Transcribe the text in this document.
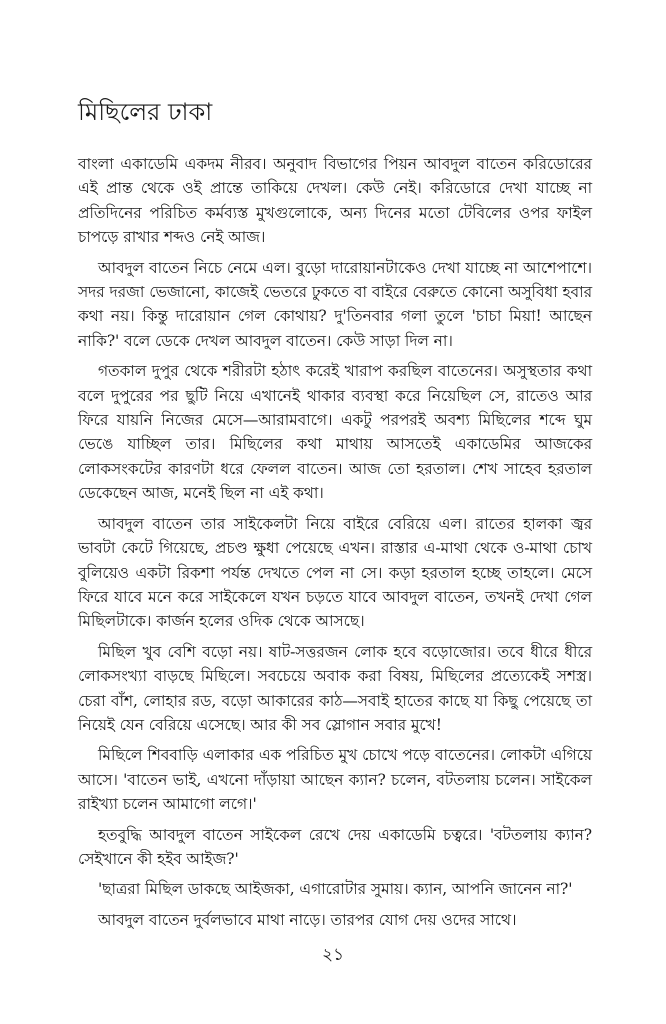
মিছিলের ঢাকা

বাংলা একাডেমি একদম নীরব। অনুবাদ বিভাগের পিয়ন আবদুল বাতেন করিডোরের এই প্রান্ত থেকে ওই প্রান্তে তাকিয়ে দেখল। কেউ নেই। করিডোরে দেখা যাচ্ছে না প্রতিদিনের পরিচিত কর্মব্যস্ত মুখগুলোকে, অন্য দিনের মতো টেবিলের ওপর ফাইল চাপড়ে রাখার শব্দও নেই আজ।

আবদুল বাতেন নিচে নেমে এল। বুড়ো দারোয়ানটাকেও দেখা যাচ্ছে না আশেপাশে। সদর দরজা ভেজানো, কাজেই ভেতরে ঢুকতে বা বাইরে বেরুতে কোনো অসুবিধা হবার কথা নয়। কিন্তু দারোয়ান গেল কোথায়? দু'তিনবার গলা তুলে 'চাচা মিয়া! আছেন নাকি?' বলে ডেকে দেখল আবদুল বাতেন। কেউ সাড়া দিল না।

গতকাল দুপুর থেকে শরীরটা হঠাৎ করেই খারাপ করছিল বাতেনের। অসুস্থতার কথা বলে দুপুরের পর ছুটি নিয়ে এখানেই থাকার ব্যবস্থা করে নিয়েছিল সে, রাতেও আর ফিরে যায়নি নিজের মেসে—আরামবাগে। একটু পরপরই অবশ্য মিছিলের শব্দে ঘুম ভেঙে যাচ্ছিল তার। মিছিলের কথা মাথায় আসতেই একাডেমির আজকের লোকসংকটের কারণটা ধরে ফেলল বাতেন। আজ তো হরতাল। শেখ সাহেব হরতাল ডেকেছেন আজ, মনেই ছিল না এই কথা।

আবদুল বাতেন তার সাইকেলটা নিয়ে বাইরে বেরিয়ে এল। রাতের হালকা জ্বর ভাবটা কেটে গিয়েছে, প্রচণ্ড ক্ষুধা পেয়েছে এখন। রাস্তার এ-মাথা থেকে ও-মাথা চোখ বুলিয়েও একটা রিকশা পর্যন্ত দেখতে পেল না সে। কড়া হরতাল হচ্ছে তাহলে। মেসে ফিরে যাবে মনে করে সাইকেলে যখন চড়তে যাবে আবদুল বাতেন, তখনই দেখা গেল মিছিলটাকে। কার্জন হলের ওদিক থেকে আসছে।

মিছিল খুব বেশি বড়ো নয়। ষাট-সত্তরজন লোক হবে বড়োজোর। তবে ধীরে ধীরে লোকসংখ্যা বাড়ছে মিছিলে। সবচেয়ে অবাক করা বিষয়, মিছিলের প্রত্যেকেই সশস্ত্র। চেরা বাঁশ, লোহার রড, বড়ো আকারের কাঠ—সবাই হাতের কাছে যা কিছু পেয়েছে তা নিয়েই যেন বেরিয়ে এসেছে। আর কী সব স্লোগান সবার মুখে!

মিছিলে শিববাড়ি এলাকার এক পরিচিত মুখ চোখে পড়ে বাতেনের। লোকটা এগিয়ে আসে। 'বাতেন ভাই, এখনো দাঁড়ায়া আছেন ক্যান? চলেন, বটতলায় চলেন। সাইকেল রাইখ্যা চলেন আমাগো লগে।'

হতবুদ্ধি আবদুল বাতেন সাইকেল রেখে দেয় একাডেমি চত্বরে। 'বটতলায় ক্যান? সেইখানে কী হইব আইজ?'

'ছাত্ররা মিছিল ডাকছে আইজকা, এগারোটার সুমায়। ক্যান, আপনি জানেন না?'

আবদুল বাতেন দুর্বলভাবে মাথা নাড়ে। তারপর যোগ দেয় ওদের সাথে।

২১
